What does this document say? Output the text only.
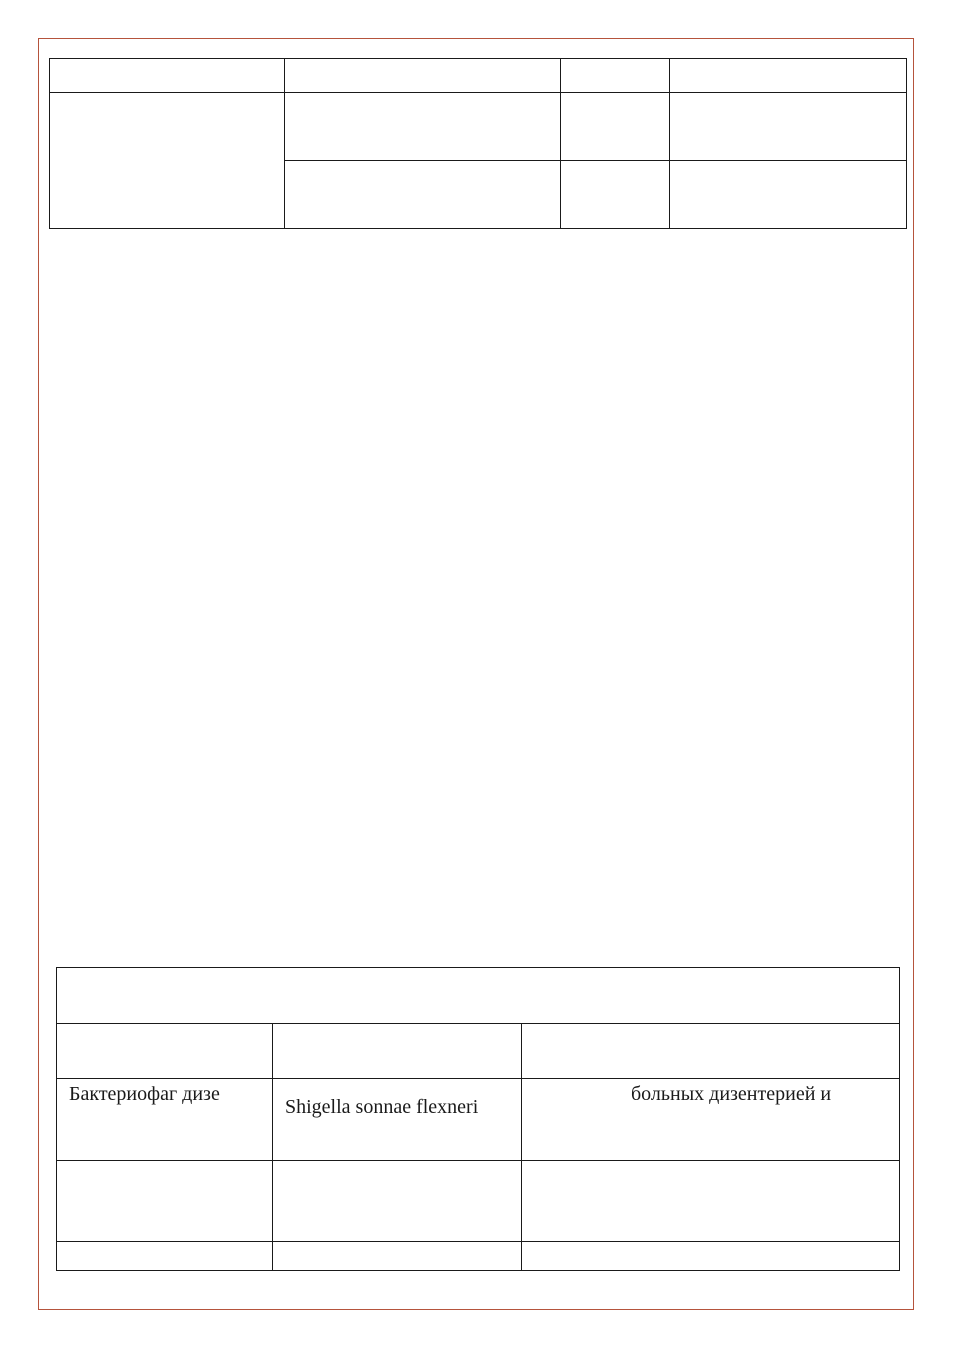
Бактериофаг дизе	Shigella sonnae flexneri	больных дизентерией и
